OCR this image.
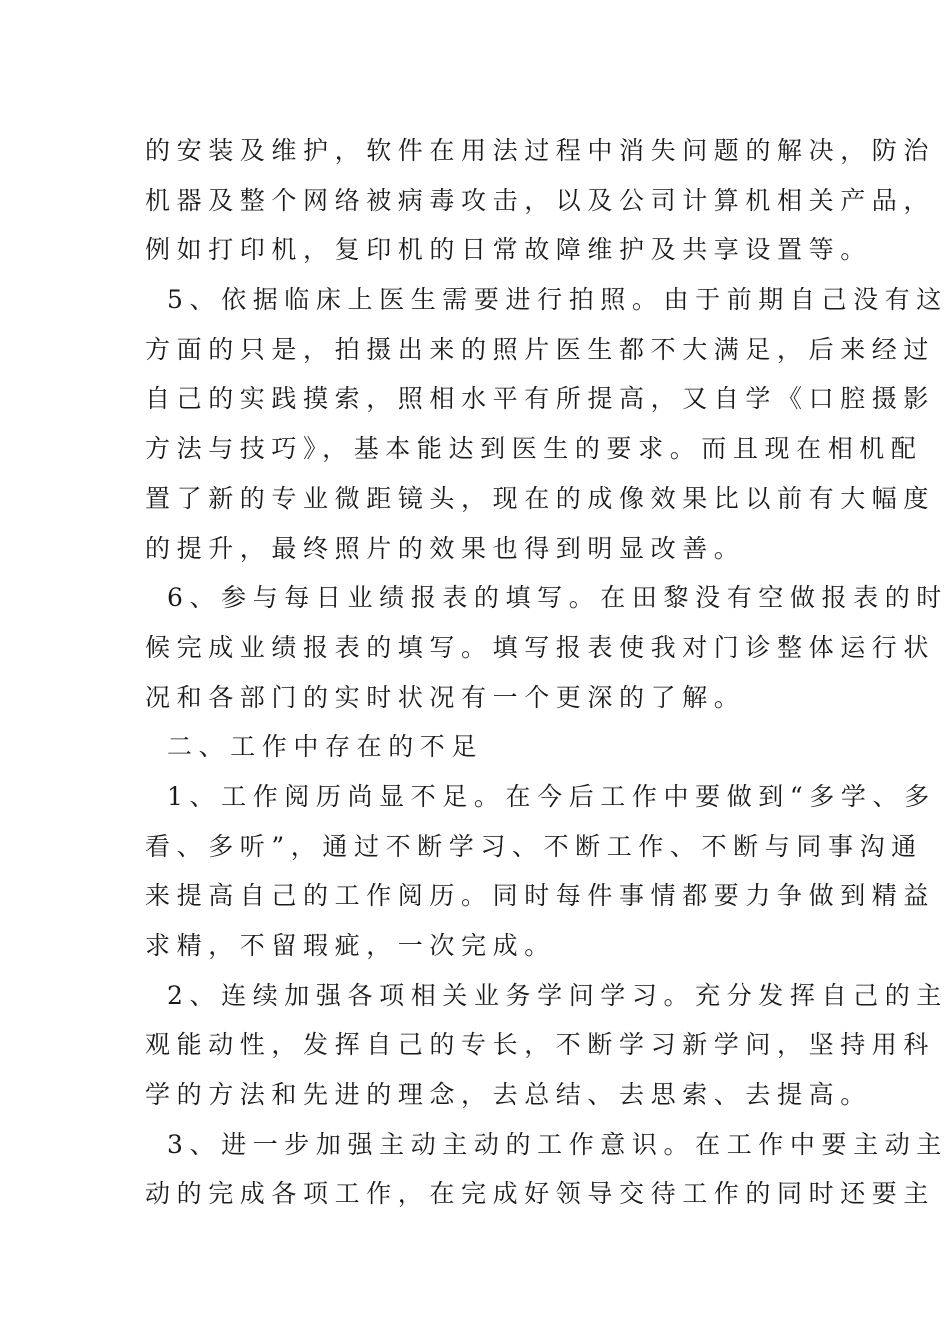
的安装及维护，软件在用法过程中消失问题的解决，防治
机器及整个网络被病毒攻击，以及公司计算机相关产品，
例如打印机，复印机的日常故障维护及共享设置等。
5、依据临床上医生需要进行拍照。由于前期自己没有这
方面的只是，拍摄出来的照片医生都不大满足，后来经过
自己的实践摸索，照相水平有所提高，又自学《口腔摄影
方法与技巧》，基本能达到医生的要求。而且现在相机配
置了新的专业微距镜头，现在的成像效果比以前有大幅度
的提升，最终照片的效果也得到明显改善。
6、参与每日业绩报表的填写。在田黎没有空做报表的时
候完成业绩报表的填写。填写报表使我对门诊整体运行状
况和各部门的实时状况有一个更深的了解。
二、工作中存在的不足
1、工作阅历尚显不足。在今后工作中要做到“多学、多
看、多听”，通过不断学习、不断工作、不断与同事沟通
来提高自己的工作阅历。同时每件事情都要力争做到精益
求精，不留瑕疵，一次完成。
2、连续加强各项相关业务学问学习。充分发挥自己的主
观能动性，发挥自己的专长，不断学习新学问，坚持用科
学的方法和先进的理念，去总结、去思索、去提高。
3、进一步加强主动主动的工作意识。在工作中要主动主
动的完成各项工作，在完成好领导交待工作的同时还要主
